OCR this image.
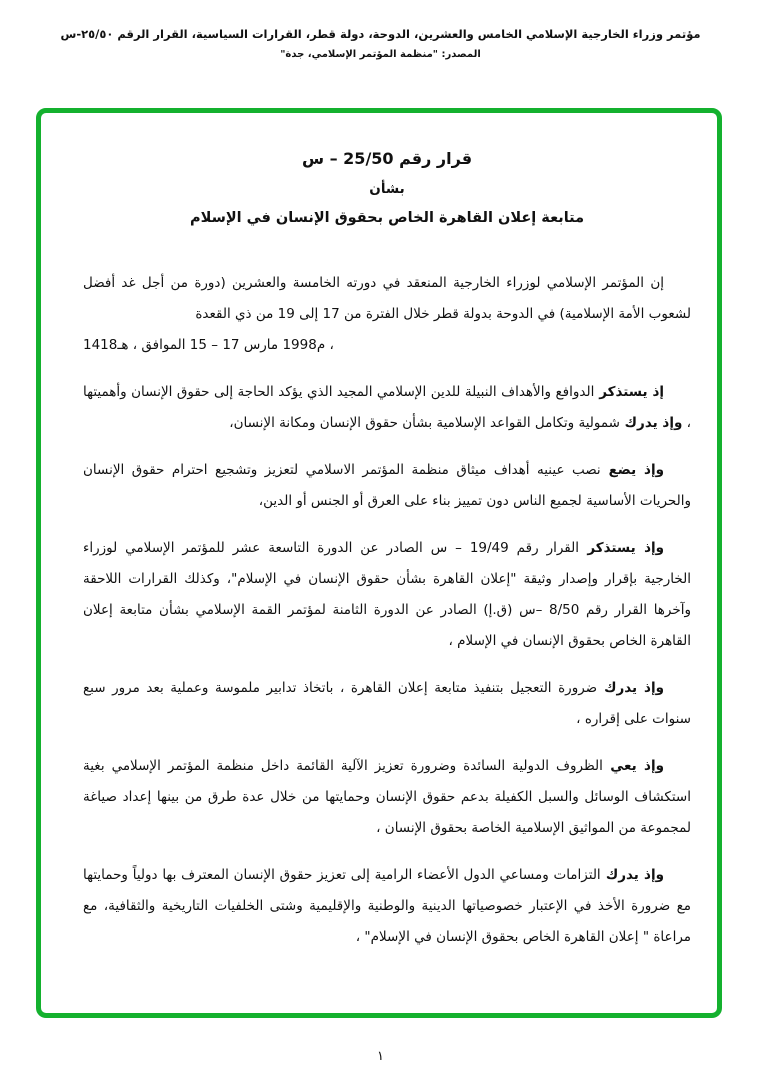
مؤتمر وزراء الخارجية الإسلامي الخامس والعشرين، الدوحة، دولة قطر، القرارات السياسية، القرار الرقم ٢٥/٥٠-س
المصدر: "منظمة المؤتمر الإسلامي، جدة"
قرار رقم 25/50 – س
بشأن
متابعة إعلان القاهرة الخاص بحقوق الإنسان في الإسلام
إن المؤتمر الإسلامي لوزراء الخارجية المنعقد في دورته الخامسة والعشرين (دورة من أجل غد أفضل لشعوب الأمة الإسلامية) في الدوحة بدولة قطر خلال الفترة من 17 إلى 19 من ذي القعدة
1418هـ ، الموافق 15 – 17 مارس 1998م ،
إذ يستذكر الدوافع والأهداف النبيلة للدين الإسلامي المجيد الذي يؤكد الحاجة إلى حقوق الإنسان وأهميتها ، وإذ يدرك شمولية وتكامل القواعد الإسلامية بشأن حقوق الإنسان ومكانة الإنسان،
وإذ يضع نصب عينيه أهداف ميثاق منظمة المؤتمر الاسلامي لتعزيز وتشجيع احترام حقوق الإنسان والحريات الأساسية لجميع الناس دون تمييز بناء على العرق أو الجنس أو الدين،
وإذ يستذكر القرار رقم 19/49 – س الصادر عن الدورة التاسعة عشر للمؤتمر الإسلامي لوزراء الخارجية بإقرار وإصدار وثيقة "إعلان القاهرة بشأن حقوق الإنسان في الإسلام"، وكذلك القرارات اللاحقة وآخرها القرار رقم 8/50 –س (ق.إ) الصادر عن الدورة الثامنة لمؤتمر القمة الإسلامي بشأن متابعة إعلان القاهرة الخاص بحقوق الإنسان في الإسلام ،
وإذ يدرك ضرورة التعجيل بتنفيذ متابعة إعلان القاهرة ، باتخاذ تدابير ملموسة وعملية بعد مرور سبع سنوات على إقراره ،
وإذ يعي الظروف الدولية السائدة وضرورة تعزيز الآلية القائمة داخل منظمة المؤتمر الإسلامي بغية استكشاف الوسائل والسبل الكفيلة بدعم حقوق الإنسان وحمايتها من خلال عدة طرق من بينها إعداد صياغة لمجموعة من المواثيق الإسلامية الخاصة بحقوق الإنسان ،
وإذ يدرك التزامات ومساعي الدول الأعضاء الرامية إلى تعزيز حقوق الإنسان المعترف بها دولياً وحمايتها مع ضرورة الأخذ في الإعتبار خصوصياتها الدينية والوطنية والإقليمية وشتى الخلفيات التاريخية والثقافية، مع مراعاة " إعلان القاهرة الخاص بحقوق الإنسان في الإسلام" ،
١
